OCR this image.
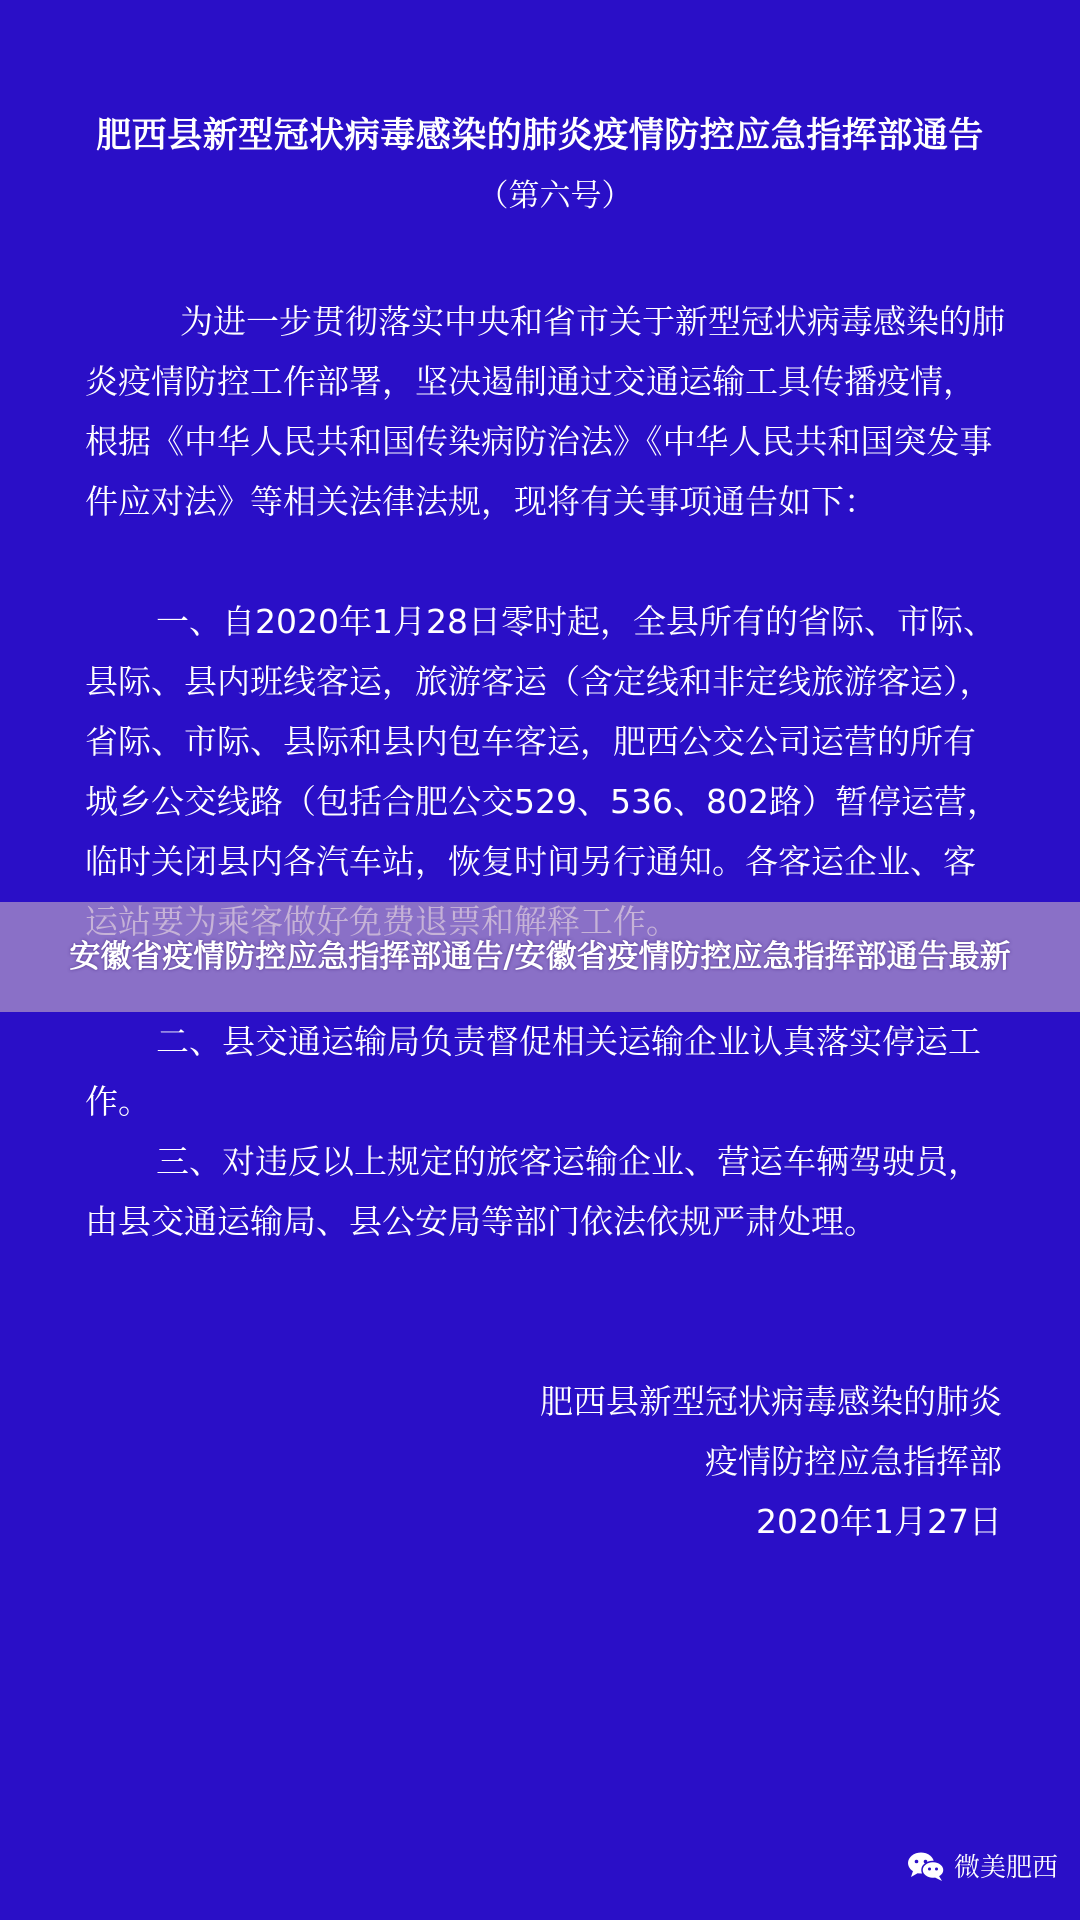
肥西县新型冠状病毒感染的肺炎疫情防控应急指挥部通告
（第六号）
为进一步贯彻落实中央和省市关于新型冠状病毒感染的肺炎疫情防控工作部署，坚决遏制通过交通运输工具传播疫情，根据《中华人民共和国传染病防治法》《中华人民共和国突发事件应对法》等相关法律法规，现将有关事项通告如下：
一、自2020年1月28日零时起，全县所有的省际、市际、县际、县内班线客运，旅游客运（含定线和非定线旅游客运），省际、市际、县际和县内包车客运，肥西公交公司运营的所有城乡公交线路（包括合肥公交529、536、802路）暂停运营，临时关闭县内各汽车站，恢复时间另行通知。各客运企业、客
二、县交通运输局负责督促相关运输企业认真落实停运工作。
三、对违反以上规定的旅客运输企业、营运车辆驾驶员，由县交通运输局、县公安局等部门依法依规严肃处理。
肥西县新型冠状病毒感染的肺炎
疫情防控应急指挥部
2020年1月27日
安徽省疫情防控应急指挥部通告/安徽省疫情防控应急指挥部通告最新
微美肥西
